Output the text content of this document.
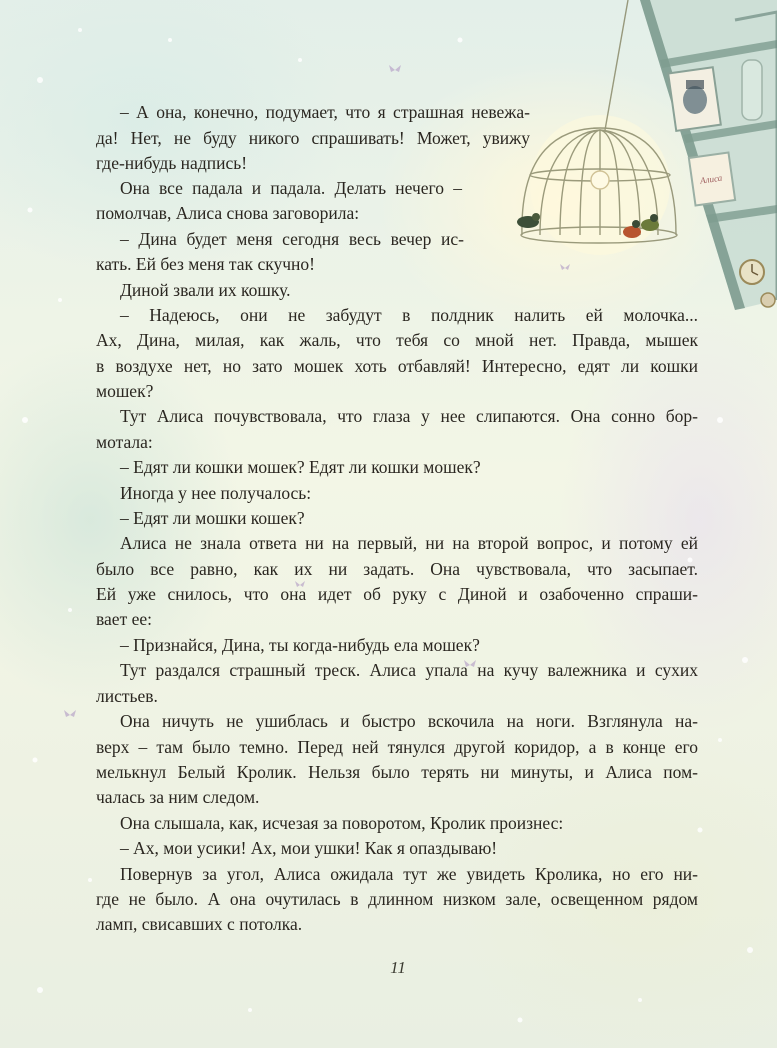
Алиса
– А она, конечно, подумает, что я страшная невежа-
да! Нет, не буду никого спрашивать! Может, увижу
где-нибудь надпись!
Она все падала и падала. Делать нечего –
помолчав, Алиса снова заговорила:
– Дина будет меня сегодня весь вечер ис-
кать. Ей без меня так скучно!
Диной звали их кошку.
– Надеюсь, они не забудут в полдник налить ей молочка...
Ах, Дина, милая, как жаль, что тебя со мной нет. Правда, мышек
в воздухе нет, но зато мошек хоть отбавляй! Интересно, едят ли кошки
мошек?
Тут Алиса почувствовала, что глаза у нее слипаются. Она сонно бор-
мотала:
– Едят ли кошки мошек? Едят ли кошки мошек?
Иногда у нее получалось:
– Едят ли мошки кошек?
Алиса не знала ответа ни на первый, ни на второй вопрос, и потому ей
было все равно, как их ни задать. Она чувствовала, что засыпает.
Ей уже снилось, что она идет об руку с Диной и озабоченно спраши-
вает ее:
– Признайся, Дина, ты когда-нибудь ела мошек?
Тут раздался страшный треск. Алиса упала на кучу валежника и сухих
листьев.
Она ничуть не ушиблась и быстро вскочила на ноги. Взглянула на-
верх – там было темно. Перед ней тянулся другой коридор, а в конце его
мелькнул Белый Кролик. Нельзя было терять ни минуты, и Алиса пом-
чалась за ним следом.
Она слышала, как, исчезая за поворотом, Кролик произнес:
– Ах, мои усики! Ах, мои ушки! Как я опаздываю!
Повернув за угол, Алиса ожидала тут же увидеть Кролика, но его ни-
где не было. А она очутилась в длинном низком зале, освещенном рядом
ламп, свисавших с потолка.
11
